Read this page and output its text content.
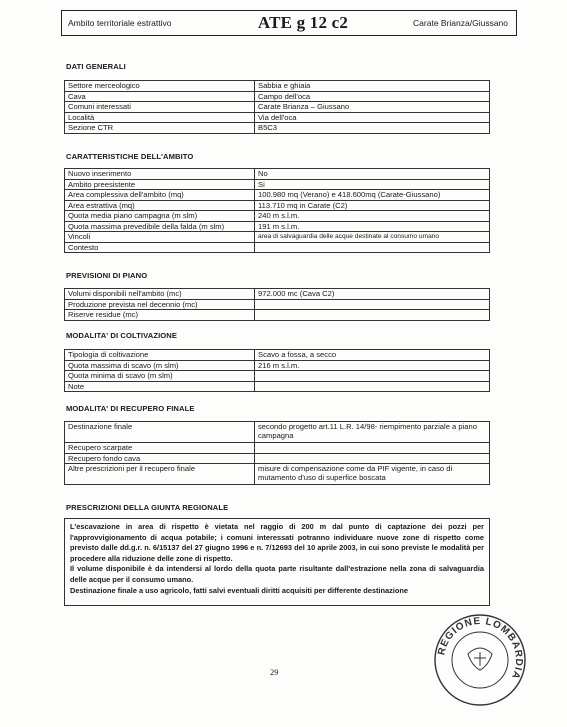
Ambito territoriale estrattivo	ATE g 12 c2	Carate Brianza/Giussano
DATI GENERALI
Settore merceologico	Sabbia e ghiaia
Cava	Campo dell'oca
Comuni interessati	Carate Brianza – Giussano
Località	Via dell'oca
Sezione CTR	B5C3
CARATTERISTICHE DELL'AMBITO
Nuovo inserimento	No
Ambito preesistente	Si
Area complessiva dell'ambito (mq)	100.980 mq (Verano) e 418.600mq (Carate-Giussano)
Area estrattiva (mq)	113.710 mq in Carate (C2)
Quota media piano campagna (m slm)	240 m s.l.m.
Quota massima prevedibile della falda (m slm)	191 m s.l.m.
Vincoli	area di salvaguardia delle acque destinate al consumo umano
Contesto	
PREVISIONI DI PIANO
Volumi disponibili nell'ambito (mc)	972.000 mc (Cava C2)
Produzione prevista nel decennio (mc)	
Riserve residue (mc)	
MODALITA' DI COLTIVAZIONE
Tipologia di coltivazione	Scavo a fossa, a secco
Quota massima di scavo (m slm)	216 m s.l.m.
Quota minima di scavo (m slm)	
Note	
MODALITA' DI RECUPERO FINALE
Destinazione finale	secondo progetto art.11 L.R. 14/98- riempimento parziale a piano campagna
Recupero scarpate	
Recupero fondo cava	
Altre prescrizioni per il recupero finale	misure di compensazione come da PIF vigente, in caso di mutamento d'uso di superfice boscata
PRESCRIZIONI DELLA GIUNTA REGIONALE

L'escavazione in area di rispetto è vietata nel raggio di 200 m dal punto di captazione dei pozzi per l'approvvigionamento di acqua potabile; i comuni interessati potranno individuare nuove zone di rispetto come previsto dalle dd.g.r. n. 6/15137 del 27 giugno 1996 e n. 7/12693 del 10 aprile 2003, in cui sono previste le modalità per procedere alla riduzione delle zone di rispetto.

Il volume disponibile è da intendersi al lordo della quota parte risultante dall'estrazione nella zona di salvaguardia delle acque per il consumo umano.

Destinazione finale a uso agricolo, fatti salvi eventuali diritti acquisiti per differente destinazione

29
REGIONE LOMBARDIA
